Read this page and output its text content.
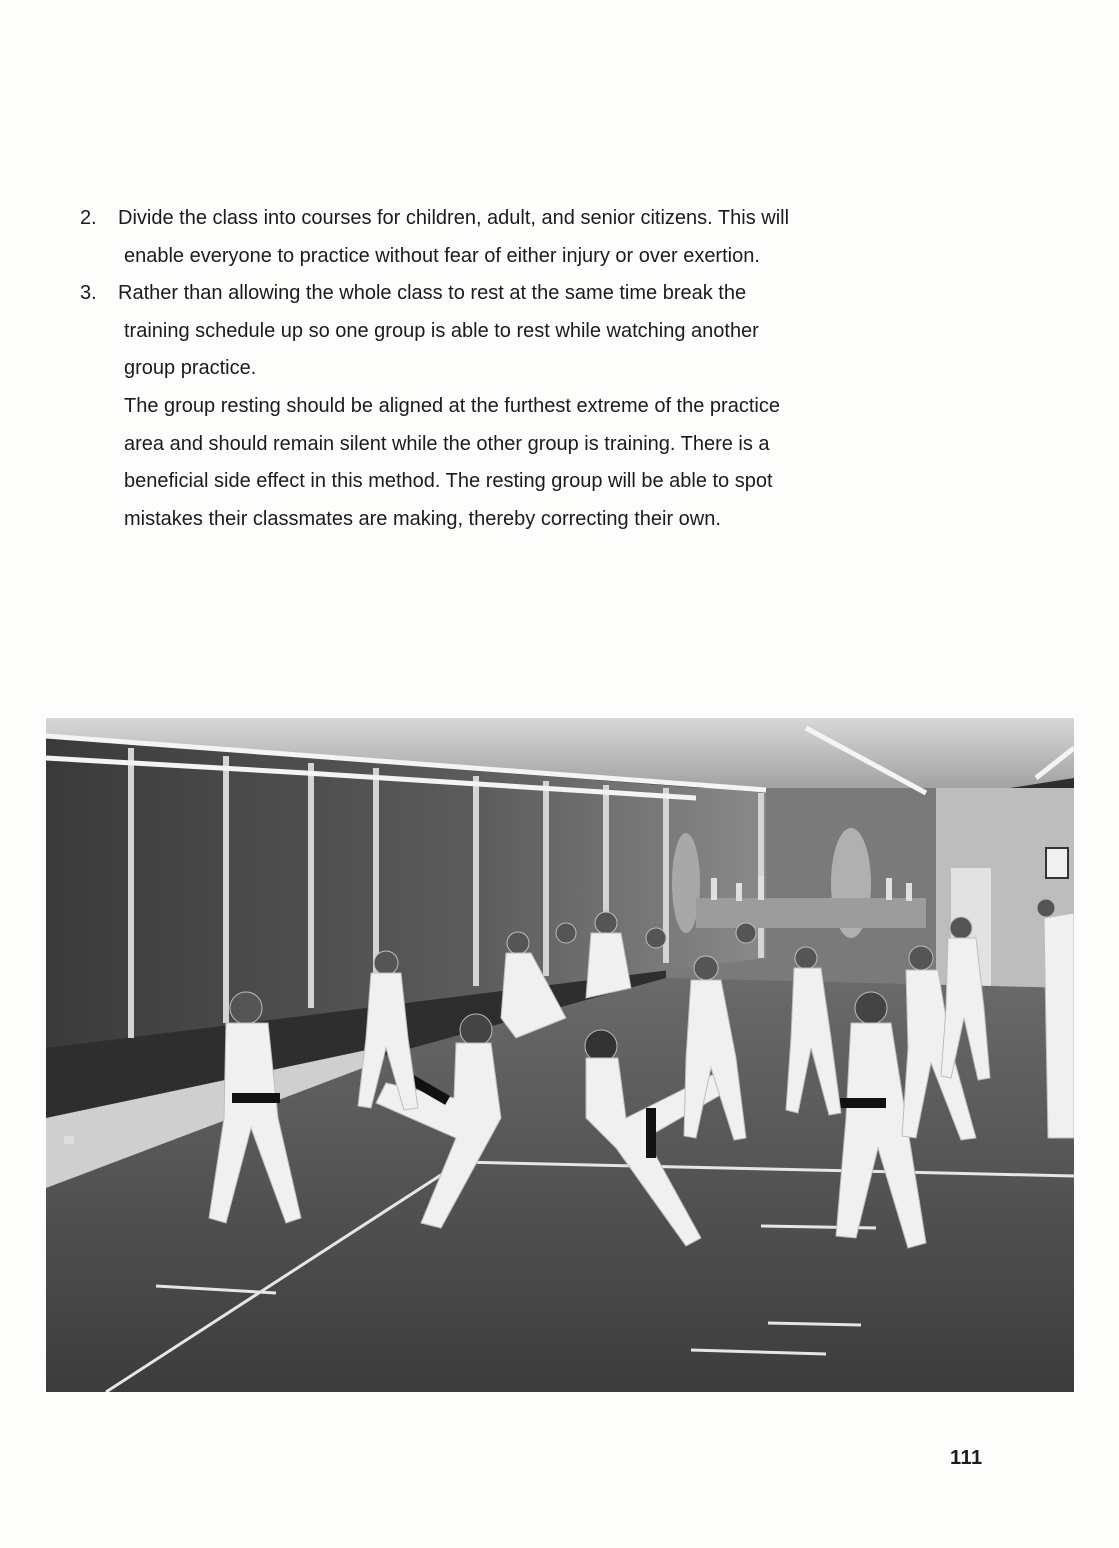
2. Divide the class into courses for children, adult, and senior citizens. This will
enable everyone to practice without fear of either injury or over exertion.
3. Rather than allowing the whole class to rest at the same time break the
training schedule up so one group is able to rest while watching another
group practice.
The group resting should be aligned at the furthest extreme of the practice
area and should remain silent while the other group is training. There is a
beneficial side effect in this method. The resting group will be able to spot
mistakes their classmates are making, thereby correcting their own.
111
